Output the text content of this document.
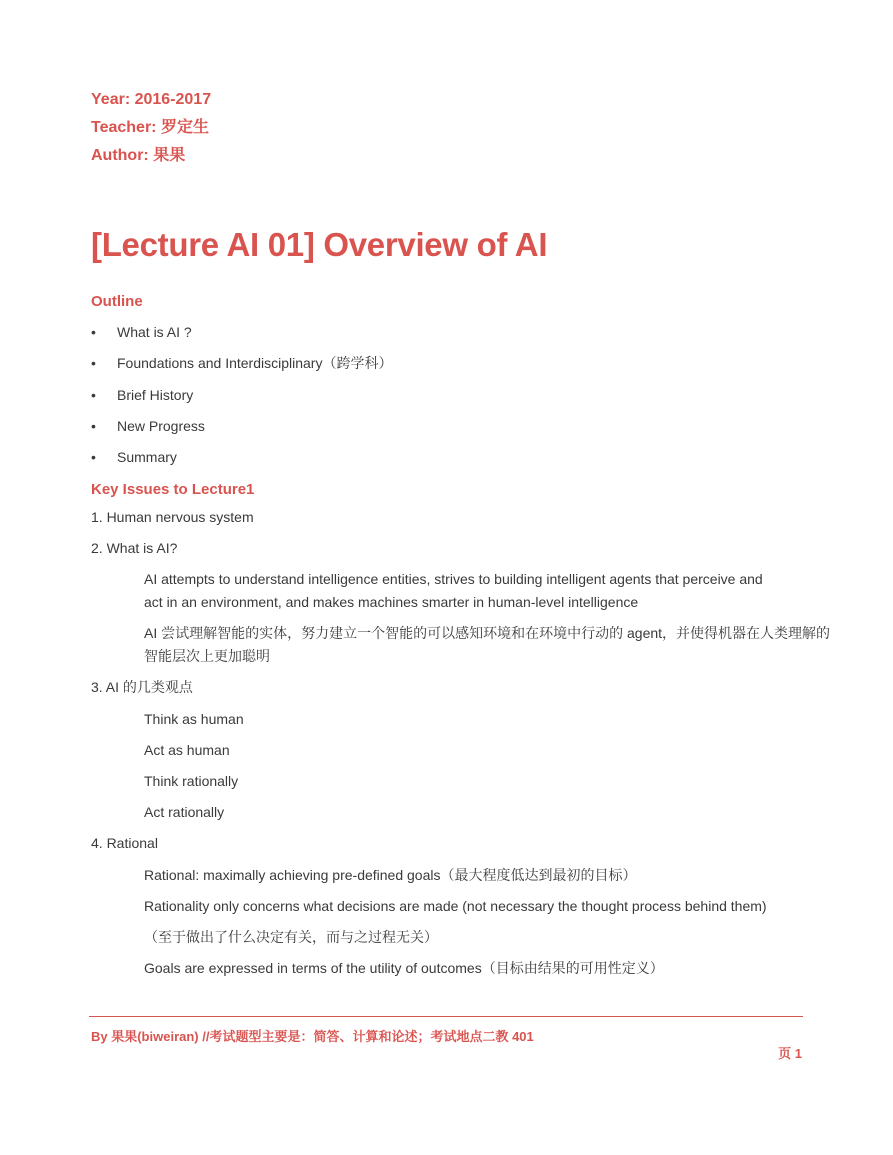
Year: 2016-2017
Teacher: 罗定生
Author: 果果
[Lecture AI 01] Overview of AI
Outline
• What is AI ?
• Foundations and Interdisciplinary（跨学科）
• Brief History
• New Progress
• Summary
Key Issues to Lecture1
1. Human nervous system
2. What is AI?
AI attempts to understand intelligence entities, strives to building intelligent agents that perceive and
act in an environment, and makes machines smarter in human-level intelligence
AI 尝试理解智能的实体，努力建立一个智能的可以感知环境和在环境中行动的 agent，并使得机器在人类理解的
智能层次上更加聪明
3. AI 的几类观点
Think as human
Act as human
Think rationally
Act rationally
4. Rational
Rational: maximally achieving pre-defined goals（最大程度低达到最初的目标）
Rationality only concerns what decisions are made (not necessary the thought process behind them)
（至于做出了什么决定有关，而与之过程无关）
Goals are expressed in terms of the utility of outcomes（目标由结果的可用性定义）
By 果果(biweiran) //考试题型主要是：简答、计算和论述；考试地点二教 401
页 1
